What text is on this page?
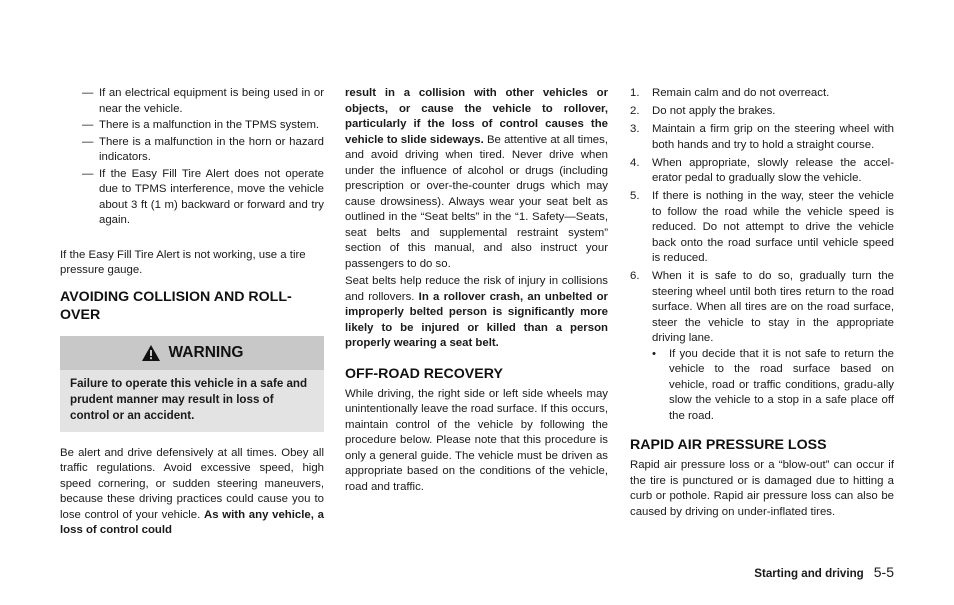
— If an electrical equipment is being used in or near the vehicle.
— There is a malfunction in the TPMS system.
— There is a malfunction in the horn or hazard indicators.
— If the Easy Fill Tire Alert does not operate due to TPMS interference, move the vehicle about 3 ft (1 m) backward or forward and try again.

If the Easy Fill Tire Alert is not working, use a tire pressure gauge.

AVOIDING COLLISION AND ROLL-OVER
WARNING
Failure to operate this vehicle in a safe and prudent manner may result in loss of control or an accident.

Be alert and drive defensively at all times. Obey all traffic regulations. Avoid excessive speed, high speed cornering, or sudden steering maneuvers, because these driving practices could cause you to lose control of your vehicle. As with any vehicle, a loss of control could

result in a collision with other vehicles or objects, or cause the vehicle to rollover, particularly if the loss of control causes the vehicle to slide sideways. Be attentive at all times, and avoid driving when tired. Never drive when under the influence of alcohol or drugs (including prescription or over-the-counter drugs which may cause drowsiness). Always wear your seat belt as outlined in the “Seat belts” in the “1. Safety—Seats, seat belts and supplemental restraint system” section of this manual, and also instruct your passengers to do so.

Seat belts help reduce the risk of injury in collisions and rollovers. In a rollover crash, an unbelted or improperly belted person is significantly more likely to be injured or killed than a person properly wearing a seat belt.

OFF-ROAD RECOVERY

While driving, the right side or left side wheels may unintentionally leave the road surface. If this occurs, maintain control of the vehicle by following the procedure below. Please note that this procedure is only a general guide. The vehicle must be driven as appropriate based on the conditions of the vehicle, road and traffic.

1. Remain calm and do not overreact.
2. Do not apply the brakes.
3. Maintain a firm grip on the steering wheel with both hands and try to hold a straight course.
4. When appropriate, slowly release the accel-erator pedal to gradually slow the vehicle.
5. If there is nothing in the way, steer the vehicle to follow the road while the vehicle speed is reduced. Do not attempt to drive the vehicle back onto the road surface until vehicle speed is reduced.
6. When it is safe to do so, gradually turn the steering wheel until both tires return to the road surface. When all tires are on the road surface, steer the vehicle to stay in the appropriate driving lane.
• If you decide that it is not safe to return the vehicle to the road surface based on vehicle, road or traffic conditions, gradu-ally slow the vehicle to a stop in a safe place off the road.
RAPID AIR PRESSURE LOSS

Rapid air pressure loss or a “blow-out” can occur if the tire is punctured or is damaged due to hitting a curb or pothole. Rapid air pressure loss can also be caused by driving on under-inflated tires.

Starting and driving 5-5
